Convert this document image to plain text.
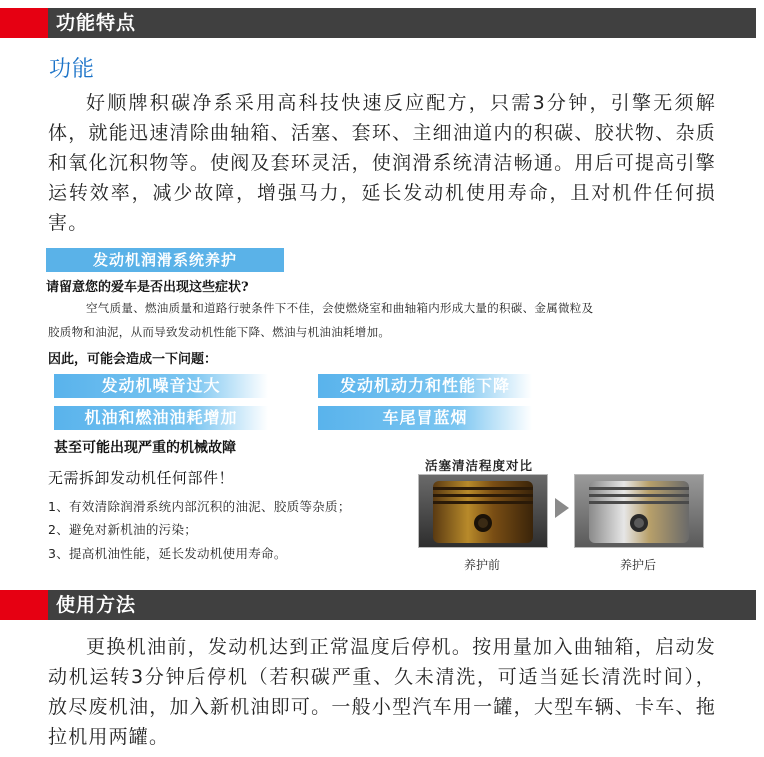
功能特点
功能
好顺牌积碳净系采用高科技快速反应配方，只需3分钟，引擎无须解体，就能迅速清除曲轴箱、活塞、套环、主细油道内的积碳、胶状物、杂质和氧化沉积物等。使阀及套环灵活，使润滑系统清洁畅通。用后可提高引擎运转效率，减少故障，增强马力，延长发动机使用寿命，且对机件任何损害。
发动机润滑系统养护
请留意您的爱车是否出现这些症状?
空气质量、燃油质量和道路行驶条件下不佳，会使燃烧室和曲轴箱内形成大量的积碳、金属微粒及
胶质物和油泥，从而导致发动机性能下降、燃油与机油油耗增加。
因此，可能会造成一下问题：
发动机噪音过大	发动机动力和性能下降
机油和燃油油耗增加	车尾冒蓝烟
甚至可能出现严重的机械故障
无需拆卸发动机任何部件！
1、有效清除润滑系统内部沉积的油泥、胶质等杂质；
2、避免对新机油的污染；
3、提高机油性能，延长发动机使用寿命。
活塞清洁程度对比
养护前	养护后
使用方法
更换机油前，发动机达到正常温度后停机。按用量加入曲轴箱，启动发动机运转3分钟后停机（若积碳严重、久未清洗，可适当延长清洗时间），放尽废机油，加入新机油即可。一般小型汽车用一罐，大型车辆、卡车、拖拉机用两罐。
